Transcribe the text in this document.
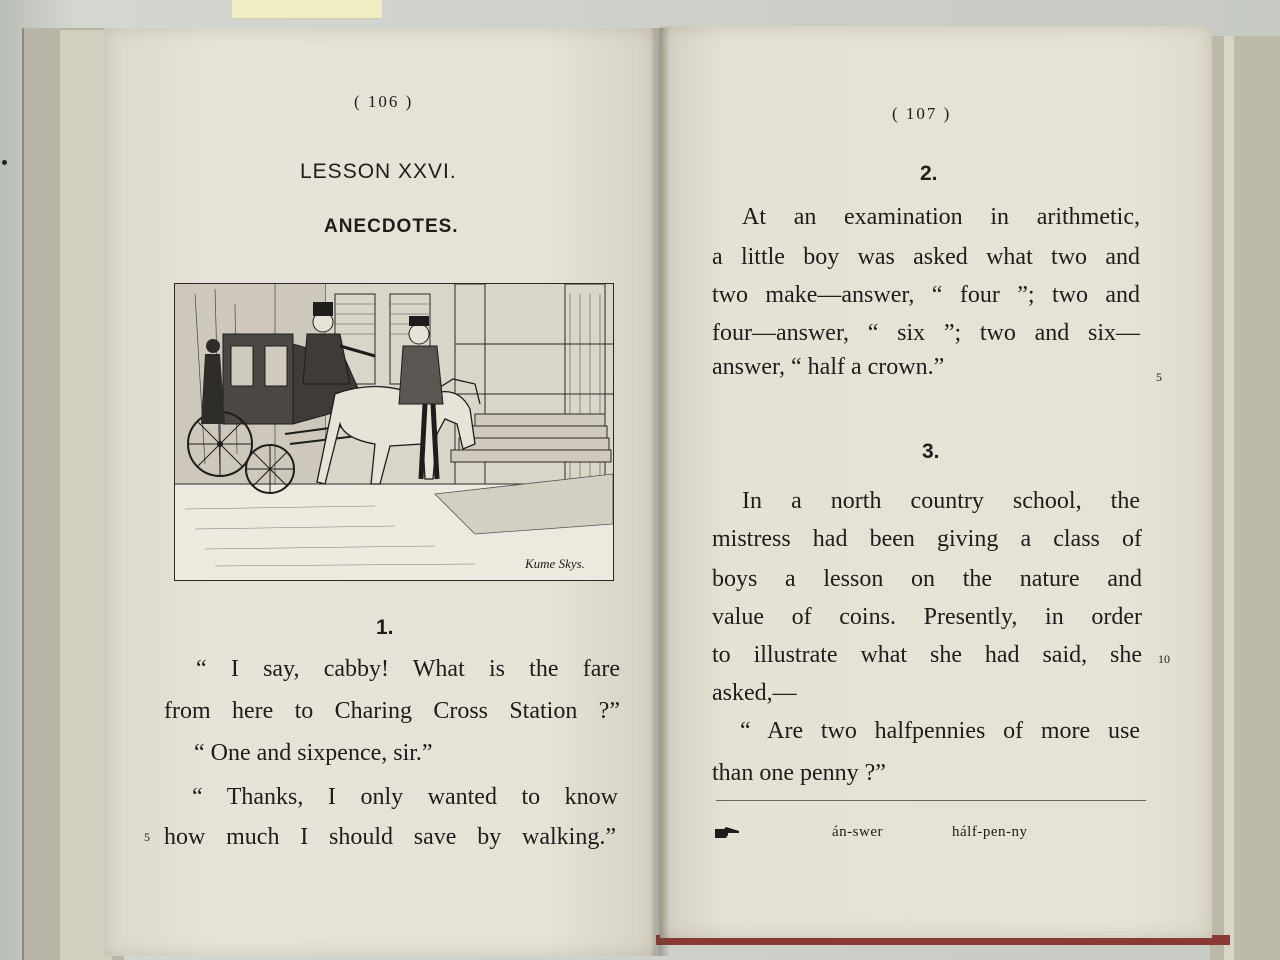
( 106 )
LESSON XXVI.
ANECDOTES.
Kume Skys.
1.
“ I say, cabby! What is the fare
from here to Charing Cross Station ?”
“ One and sixpence, sir.”
“ Thanks, I only wanted to know
how much I should save by walking.”
5
( 107 )
2.
At an examination in arithmetic,
a little boy was asked what two and
two make—answer, “ four ”; two and
four—answer, “ six ”; two and six—
answer, “ half a crown.”	5
3.
In a north country school, the
mistress had been giving a class of
boys a lesson on the nature and
value of coins. Presently, in order
to illustrate what she had said, she 10
asked,—
“ Are two halfpennies of more use
than one penny ?”
án-swer	hálf-pen-ny
